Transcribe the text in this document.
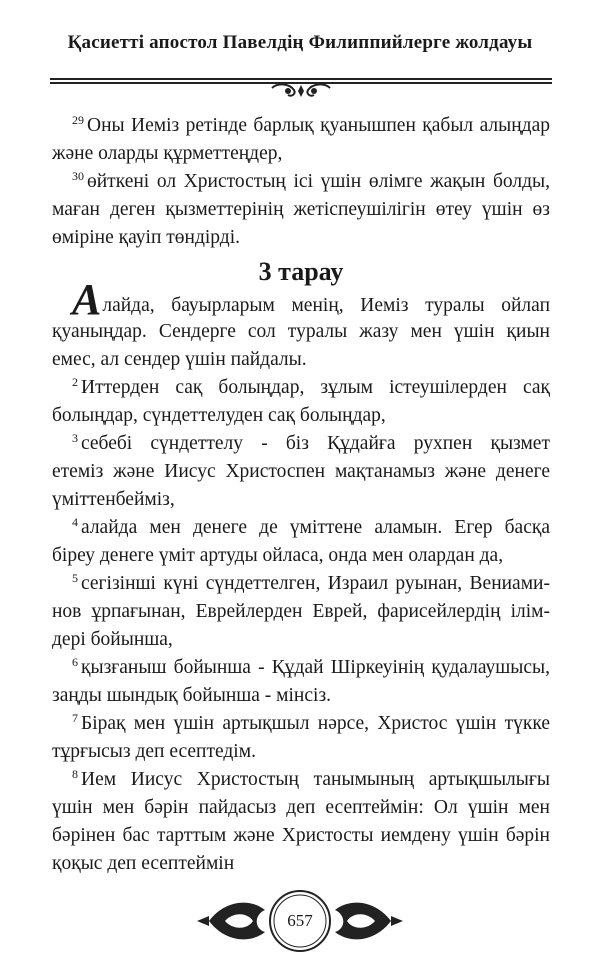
Қасиетті апостол Павелдің Филиппийлерге жолдауы
$^{29}$ Оны Иеміз ретінде барлық қуанышпен қабыл алыңдар
және оларды құрметтеңдер,
$^{30}$ өйткені ол Христостың ісі үшін өлімге жақын болды,
маған деген қызметтерінің жетіспеушілігін өтеу үшін өз
өміріне қауіп төндірді.
3 тарау
Алайда, бауырларым менің, Иеміз туралы ойлап
қуаныңдар. Сендерге сол туралы жазу мен үшін қиын
емес, ал сендер үшін пайдалы.
$^2$ Иттерден сақ болыңдар, зұлым істеушілерден сақ
болыңдар, сүндеттелуден сақ болыңдар,
$^3$ себебі сүндеттелу - біз Құдайға рухпен қызмет
етеміз және Иисус Христоспен мақтанамыз және денеге
үміттенбейміз,
$^4$ алайда мен денеге де үміттене аламын. Егер басқа
біреу денеге үміт артуды ойласа, онда мен олардан да,
$^5$ сегізінші күні сүндеттелген, Израил руынан, Вениами-
нов ұрпағынан, Еврейлерден Еврей, фарисейлердің ілім-
дері бойынша,
$^6$ қызғаныш бойынша - Құдай Шіркеуінің қудалаушысы,
заңды шындық бойынша - мінсіз.
$^7$ Бірақ мен үшін артықшыл нәрсе, Христос үшін түкке
тұрғысыз деп есептедім.
$^8$ Ием Иисус Христостың танымының артықшылығы
үшін мен бәрін пайдасыз деп есептеймін: Ол үшін мен
бәрінен бас тарттым және Христосты иемдену үшін бәрін
қоқыс деп есептеймін
657
